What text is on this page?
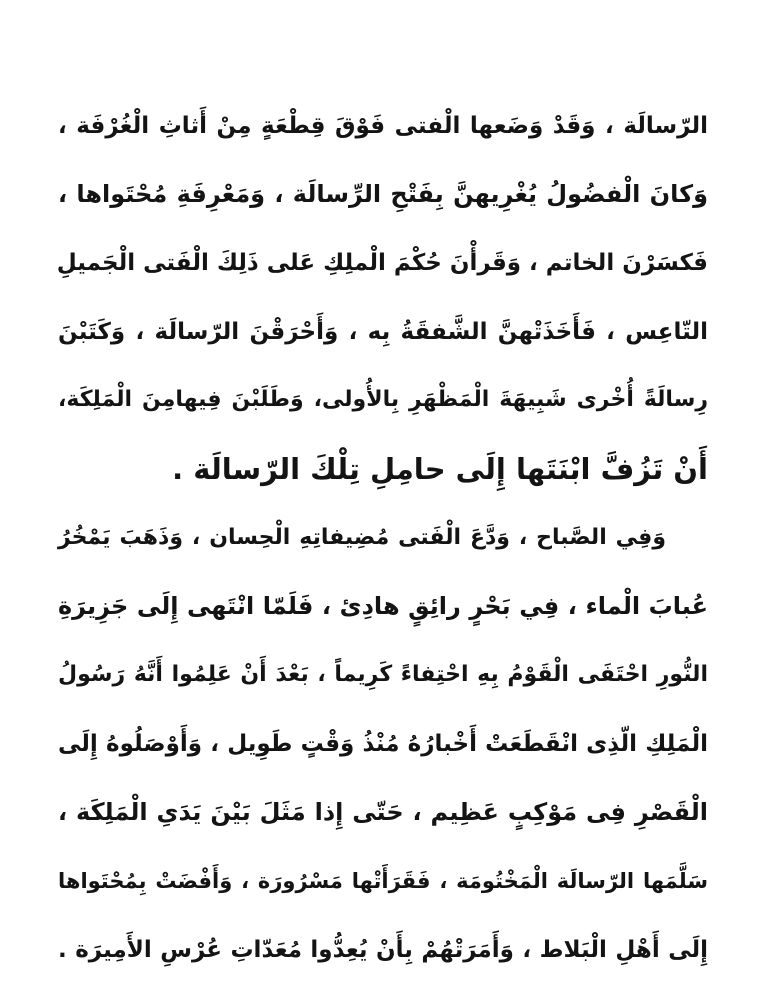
الرّسالَة ، وَقَدْ وَضَعها الْفتى فَوْقَ قِطْعَةٍ مِنْ أَثاثِ الْغُرْفَة ،
وَكانَ الْفضُولُ يُغْرِيهنَّ بِفَتْحِ الرِّسالَة ، وَمَعْرِفَةِ مُحْتَواها ،
فَكسَرْنَ الخاتم ، وَقَرأْنَ حُكْمَ الْملِكِ عَلى ذَلِكَ الْفَتى الْجَميلِ
التّاعِس ، فَأَخَذَتْهنَّ الشَّفقَةُ بِه ، وَأَحْرَقْنَ الرّسالَة ، وَكَتَبْنَ
رِسالَةً أُخْرى شَبِيهَةَ الْمَظْهَرِ بِالأُولى، وَطَلَبْنَ فِيهامِنَ الْمَلِكَة،
أَنْ تَزُفَّ ابْنَتَها إِلَى حامِلِ تِلْكَ الرّسالَة .
وَفِي الصَّباح ، وَدَّعَ الْفَتى مُضِيفاتِهِ الْحِسان ، وَذَهَبَ يَمْخُرُ
عُبابَ الْماء ، فِي بَحْرٍ رائِقٍ هادِئ ، فَلَمّا انْتَهى إِلَى جَزِيرَةِ
النُّورِ احْتَفَى الْقَوْمُ بِهِ احْتِفاءً كَرِيماً ، بَعْدَ أَنْ عَلِمُوا أَنَّهُ رَسُولُ
الْمَلِكِ الّذِى انْقَطَعَتْ أَخْبارُهُ مُنْذُ وَقْتٍ طَوِيل ، وَأَوْصَلُوهُ إِلَى
الْقَصْرِ فِى مَوْكِبٍ عَظِيم ، حَتّى إِذا مَثَلَ بَيْنَ يَدَىِ الْمَلِكَة ،
سَلَّمَها الرّسالَة الْمَخْتُومَة ، فَقَرَأَتْها مَسْرُورَة ، وَأَفْضَتْ بِمُحْتَواها
إِلَى أَهْلِ الْبَلاط ، وَأَمَرَتْهُمْ بِأَنْ يُعِدُّوا مُعَدّاتِ عُرْسِ الأَمِيرَة .
